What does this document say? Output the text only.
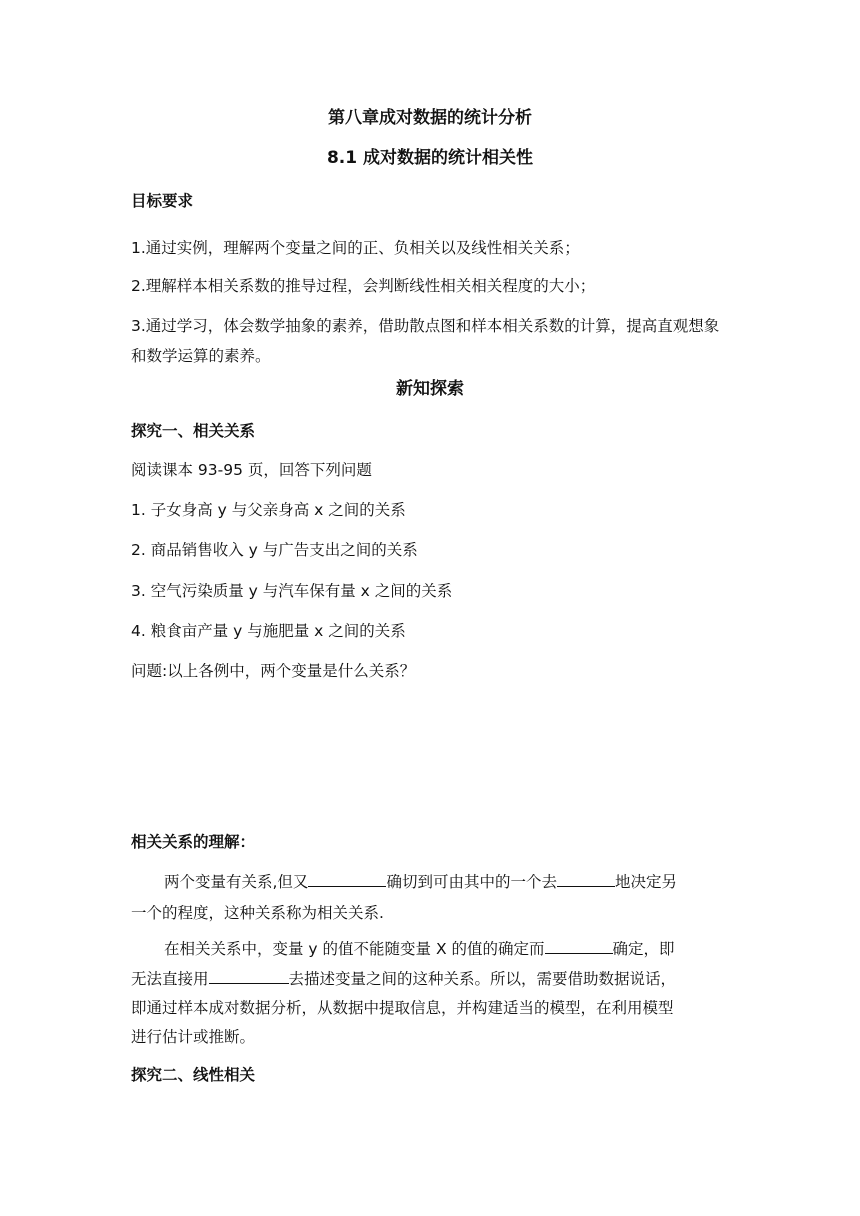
第八章成对数据的统计分析
8.1 成对数据的统计相关性
目标要求
1.通过实例，理解两个变量之间的正、负相关以及线性相关关系；
2.理解样本相关系数的推导过程，会判断线性相关相关程度的大小；
3.通过学习，体会数学抽象的素养，借助散点图和样本相关系数的计算，提高直观想象和数学运算的素养。
新知探索
探究一、相关关系
阅读课本 93-95 页，回答下列问题
1. 子女身高 y 与父亲身高 x 之间的关系
2. 商品销售收入 y 与广告支出之间的关系
3. 空气污染质量 y 与汽车保有量 x 之间的关系
4. 粮食亩产量 y 与施肥量 x 之间的关系
问题:以上各例中，两个变量是什么关系？
相关关系的理解：
两个变量有关系,但又	确切到可由其中的一个去	地决定另
一个的程度，这种关系称为相关关系.
在相关关系中，变量 y 的值不能随变量 X 的值的确定而	确定，即
无法直接用	去描述变量之间的这种关系。所以，需要借助数据说话，
即通过样本成对数据分析，从数据中提取信息，并构建适当的模型，在利用模型
进行估计或推断。
探究二、线性相关
